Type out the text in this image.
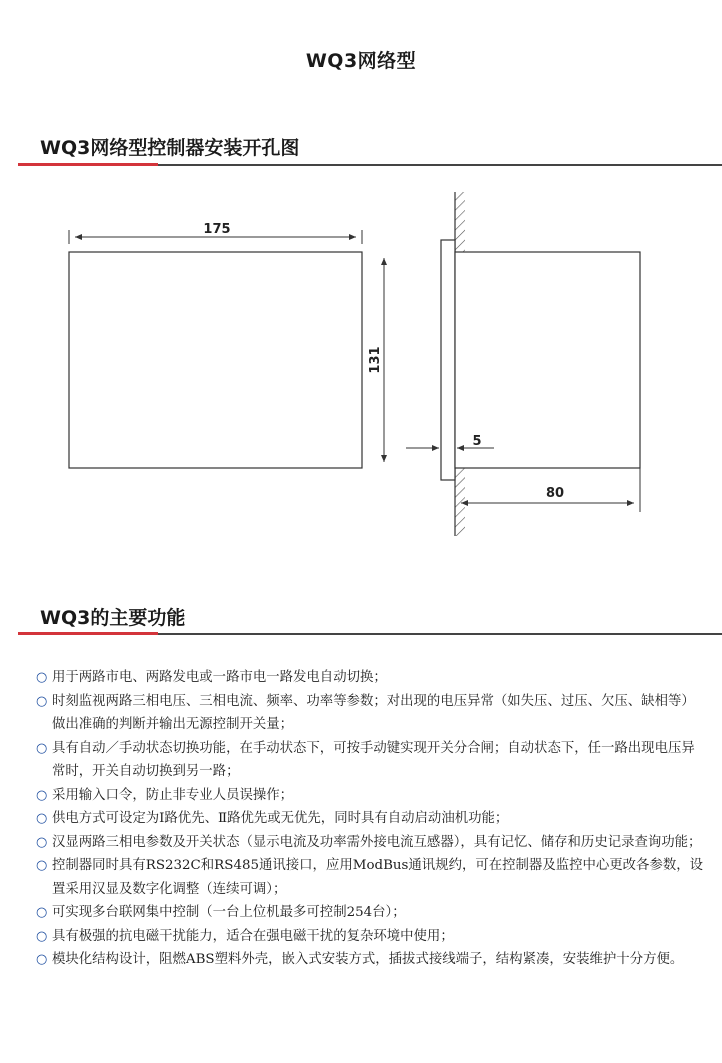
WQ3网络型
WQ3网络型控制器安装开孔图
175
131
5
80
WQ3的主要功能
○ 用于两路市电、两路发电或一路市电一路发电自动切换；
○ 时刻监视两路三相电压、三相电流、频率、功率等参数；对出现的电压异常（如失压、过压、欠压、缺相等）做出准确的判断并输出无源控制开关量；
○ 具有自动／手动状态切换功能，在手动状态下，可按手动键实现开关分合闸；自动状态下，任一路出现电压异常时，开关自动切换到另一路；
○ 采用输入口令，防止非专业人员误操作；
○ 供电方式可设定为Ⅰ路优先、Ⅱ路优先或无优先，同时具有自动启动油机功能；
○ 汉显两路三相电参数及开关状态（显示电流及功率需外接电流互感器），具有记忆、储存和历史记录查询功能；
○ 控制器同时具有RS232C和RS485通讯接口，应用ModBus通讯规约，可在控制器及监控中心更改各参数，设置采用汉显及数字化调整（连续可调）；
○ 可实现多台联网集中控制（一台上位机最多可控制254台）；
○ 具有极强的抗电磁干扰能力，适合在强电磁干扰的复杂环境中使用；
○ 模块化结构设计，阻燃ABS塑料外壳，嵌入式安装方式，插拔式接线端子，结构紧凑，安装维护十分方便。
